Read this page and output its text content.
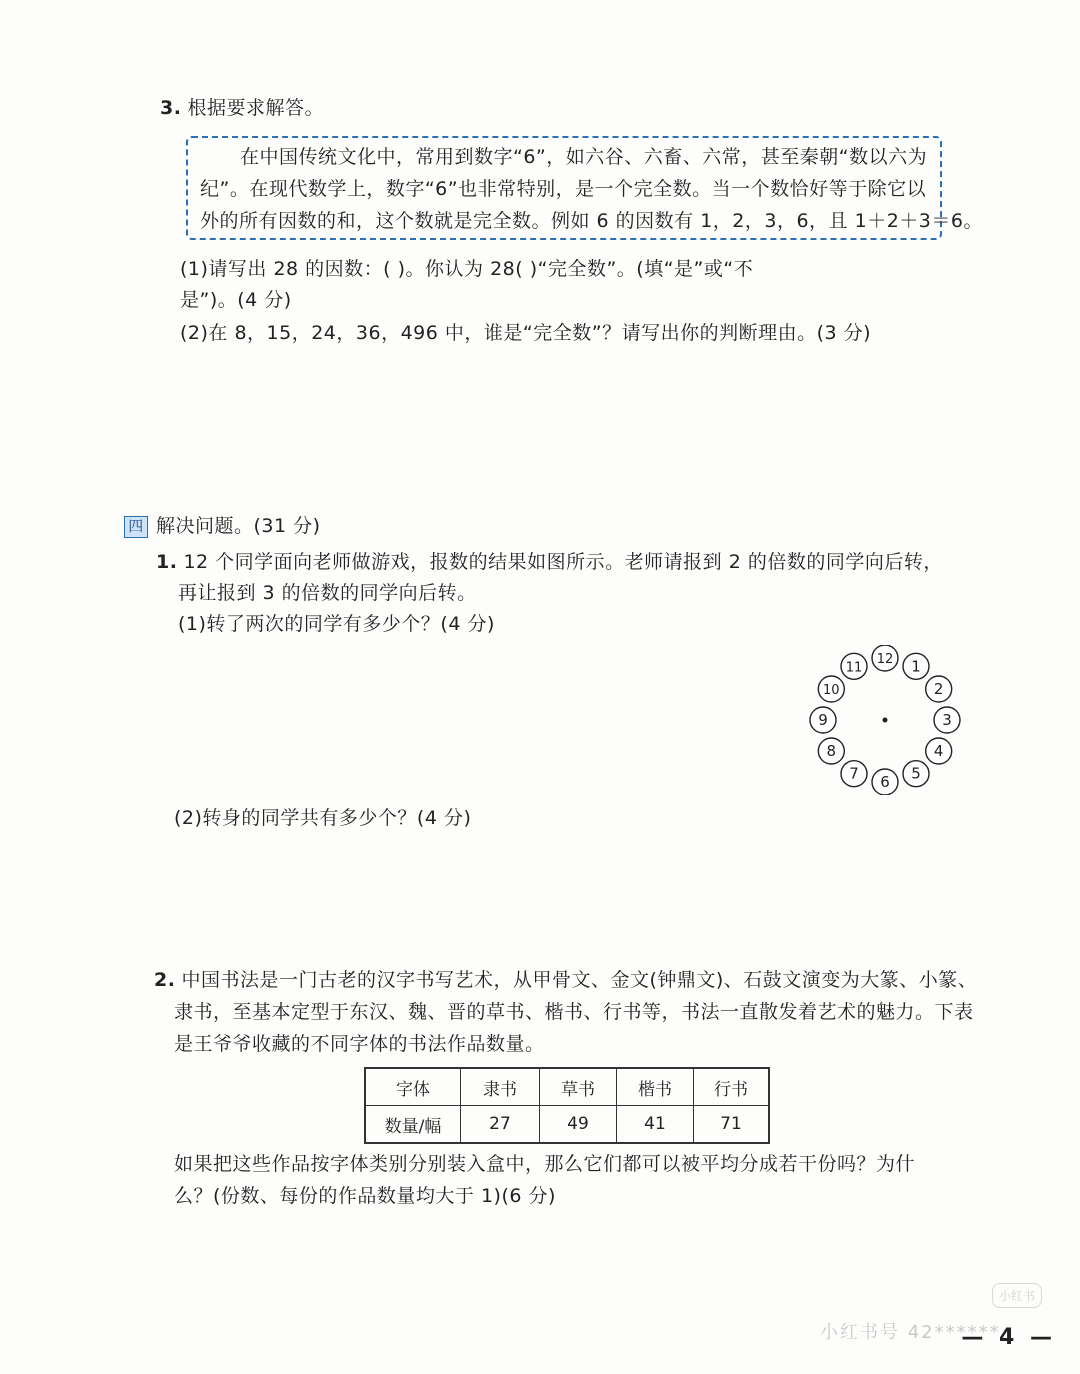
3. 根据要求解答。
在中国传统文化中，常用到数字“6”，如六谷、六畜、六常，甚至秦朝“数以六为
纪”。在现代数学上，数字“6”也非常特别，是一个完全数。当一个数恰好等于除它以
外的所有因数的和，这个数就是完全数。例如 6 的因数有 1，2，3，6，且 1＋2＋3＝6。
(1)请写出 28 的因数：( )。你认为 28( )“完全数”。(填“是”或“不
是”)。(4 分)
(2)在 8，15，24，36，496 中，谁是“完全数”？请写出你的判断理由。(3 分)
四 解决问题。(31 分)
1. 12 个同学面向老师做游戏，报数的结果如图所示。老师请报到 2 的倍数的同学向后转，
再让报到 3 的倍数的同学向后转。
(1)转了两次的同学有多少个？(4 分)
1
2
3
4
5
6
7
8
9
10
11
12
(2)转身的同学共有多少个？(4 分)
2. 中国书法是一门古老的汉字书写艺术，从甲骨文、金文(钟鼎文)、石鼓文演变为大篆、小篆、
隶书，至基本定型于东汉、魏、晋的草书、楷书、行书等，书法一直散发着艺术的魅力。下表
是王爷爷收藏的不同字体的书法作品数量。
字体	隶书	草书	楷书	行书
数量/幅	27	49	41	71
如果把这些作品按字体类别分别装入盒中，那么它们都可以被平均分成若干份吗？为什
么？(份数、每份的作品数量均大于 1)(6 分)
小红书
小红书号 42******
— 4 —
